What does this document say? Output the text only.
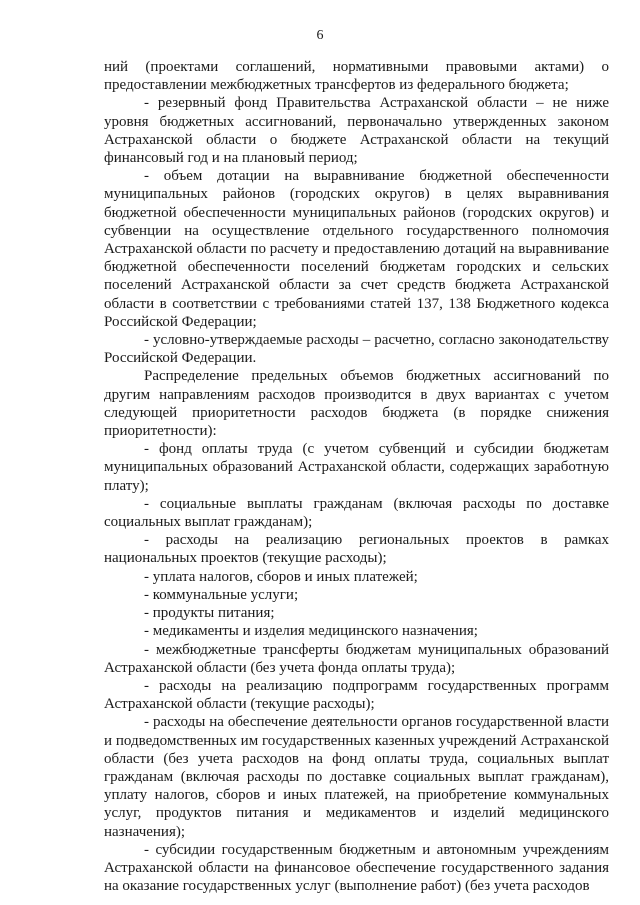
6

ний (проектами соглашений, нормативными правовыми актами) о предоставлении межбюджетных трансфертов из федерального бюджета;

- резервный фонд Правительства Астраханской области – не ниже уровня бюджетных ассигнований, первоначально утвержденных законом Астраханской области о бюджете Астраханской области на текущий финансовый год и на плановый период;

- объем дотации на выравнивание бюджетной обеспеченности муниципальных районов (городских округов) в целях выравнивания бюджетной обеспеченности муниципальных районов (городских округов) и субвенции на осуществление отдельного государственного полномочия Астраханской области по расчету и предоставлению дотаций на выравнивание бюджетной обеспеченности поселений бюджетам городских и сельских поселений Астраханской области за счет средств бюджета Астраханской области в соответствии с требованиями статей 137, 138 Бюджетного кодекса Российской Федерации;

- условно-утверждаемые расходы – расчетно, согласно законодательству Российской Федерации.

Распределение предельных объемов бюджетных ассигнований по другим направлениям расходов производится в двух вариантах с учетом следующей приоритетности расходов бюджета (в порядке снижения приоритетности):

- фонд оплаты труда (с учетом субвенций и субсидии бюджетам муниципальных образований Астраханской области, содержащих заработную плату);

- социальные выплаты гражданам (включая расходы по доставке социальных выплат гражданам);

- расходы на реализацию региональных проектов в рамках национальных проектов (текущие расходы);

- уплата налогов, сборов и иных платежей;

- коммунальные услуги;

- продукты питания;

- медикаменты и изделия медицинского назначения;

- межбюджетные трансферты бюджетам муниципальных образований Астраханской области (без учета фонда оплаты труда);

- расходы на реализацию подпрограмм государственных программ Астраханской области (текущие расходы);

- расходы на обеспечение деятельности органов государственной власти и подведомственных им государственных казенных учреждений Астраханской области (без учета расходов на фонд оплаты труда, социальных выплат гражданам (включая расходы по доставке социальных выплат гражданам), уплату налогов, сборов и иных платежей, на приобретение коммунальных услуг, продуктов питания и медикаментов и изделий медицинского назначения);

- субсидии государственным бюджетным и автономным учреждениям Астраханской области на финансовое обеспечение государственного задания на оказание государственных услуг (выполнение работ) (без учета расходов
